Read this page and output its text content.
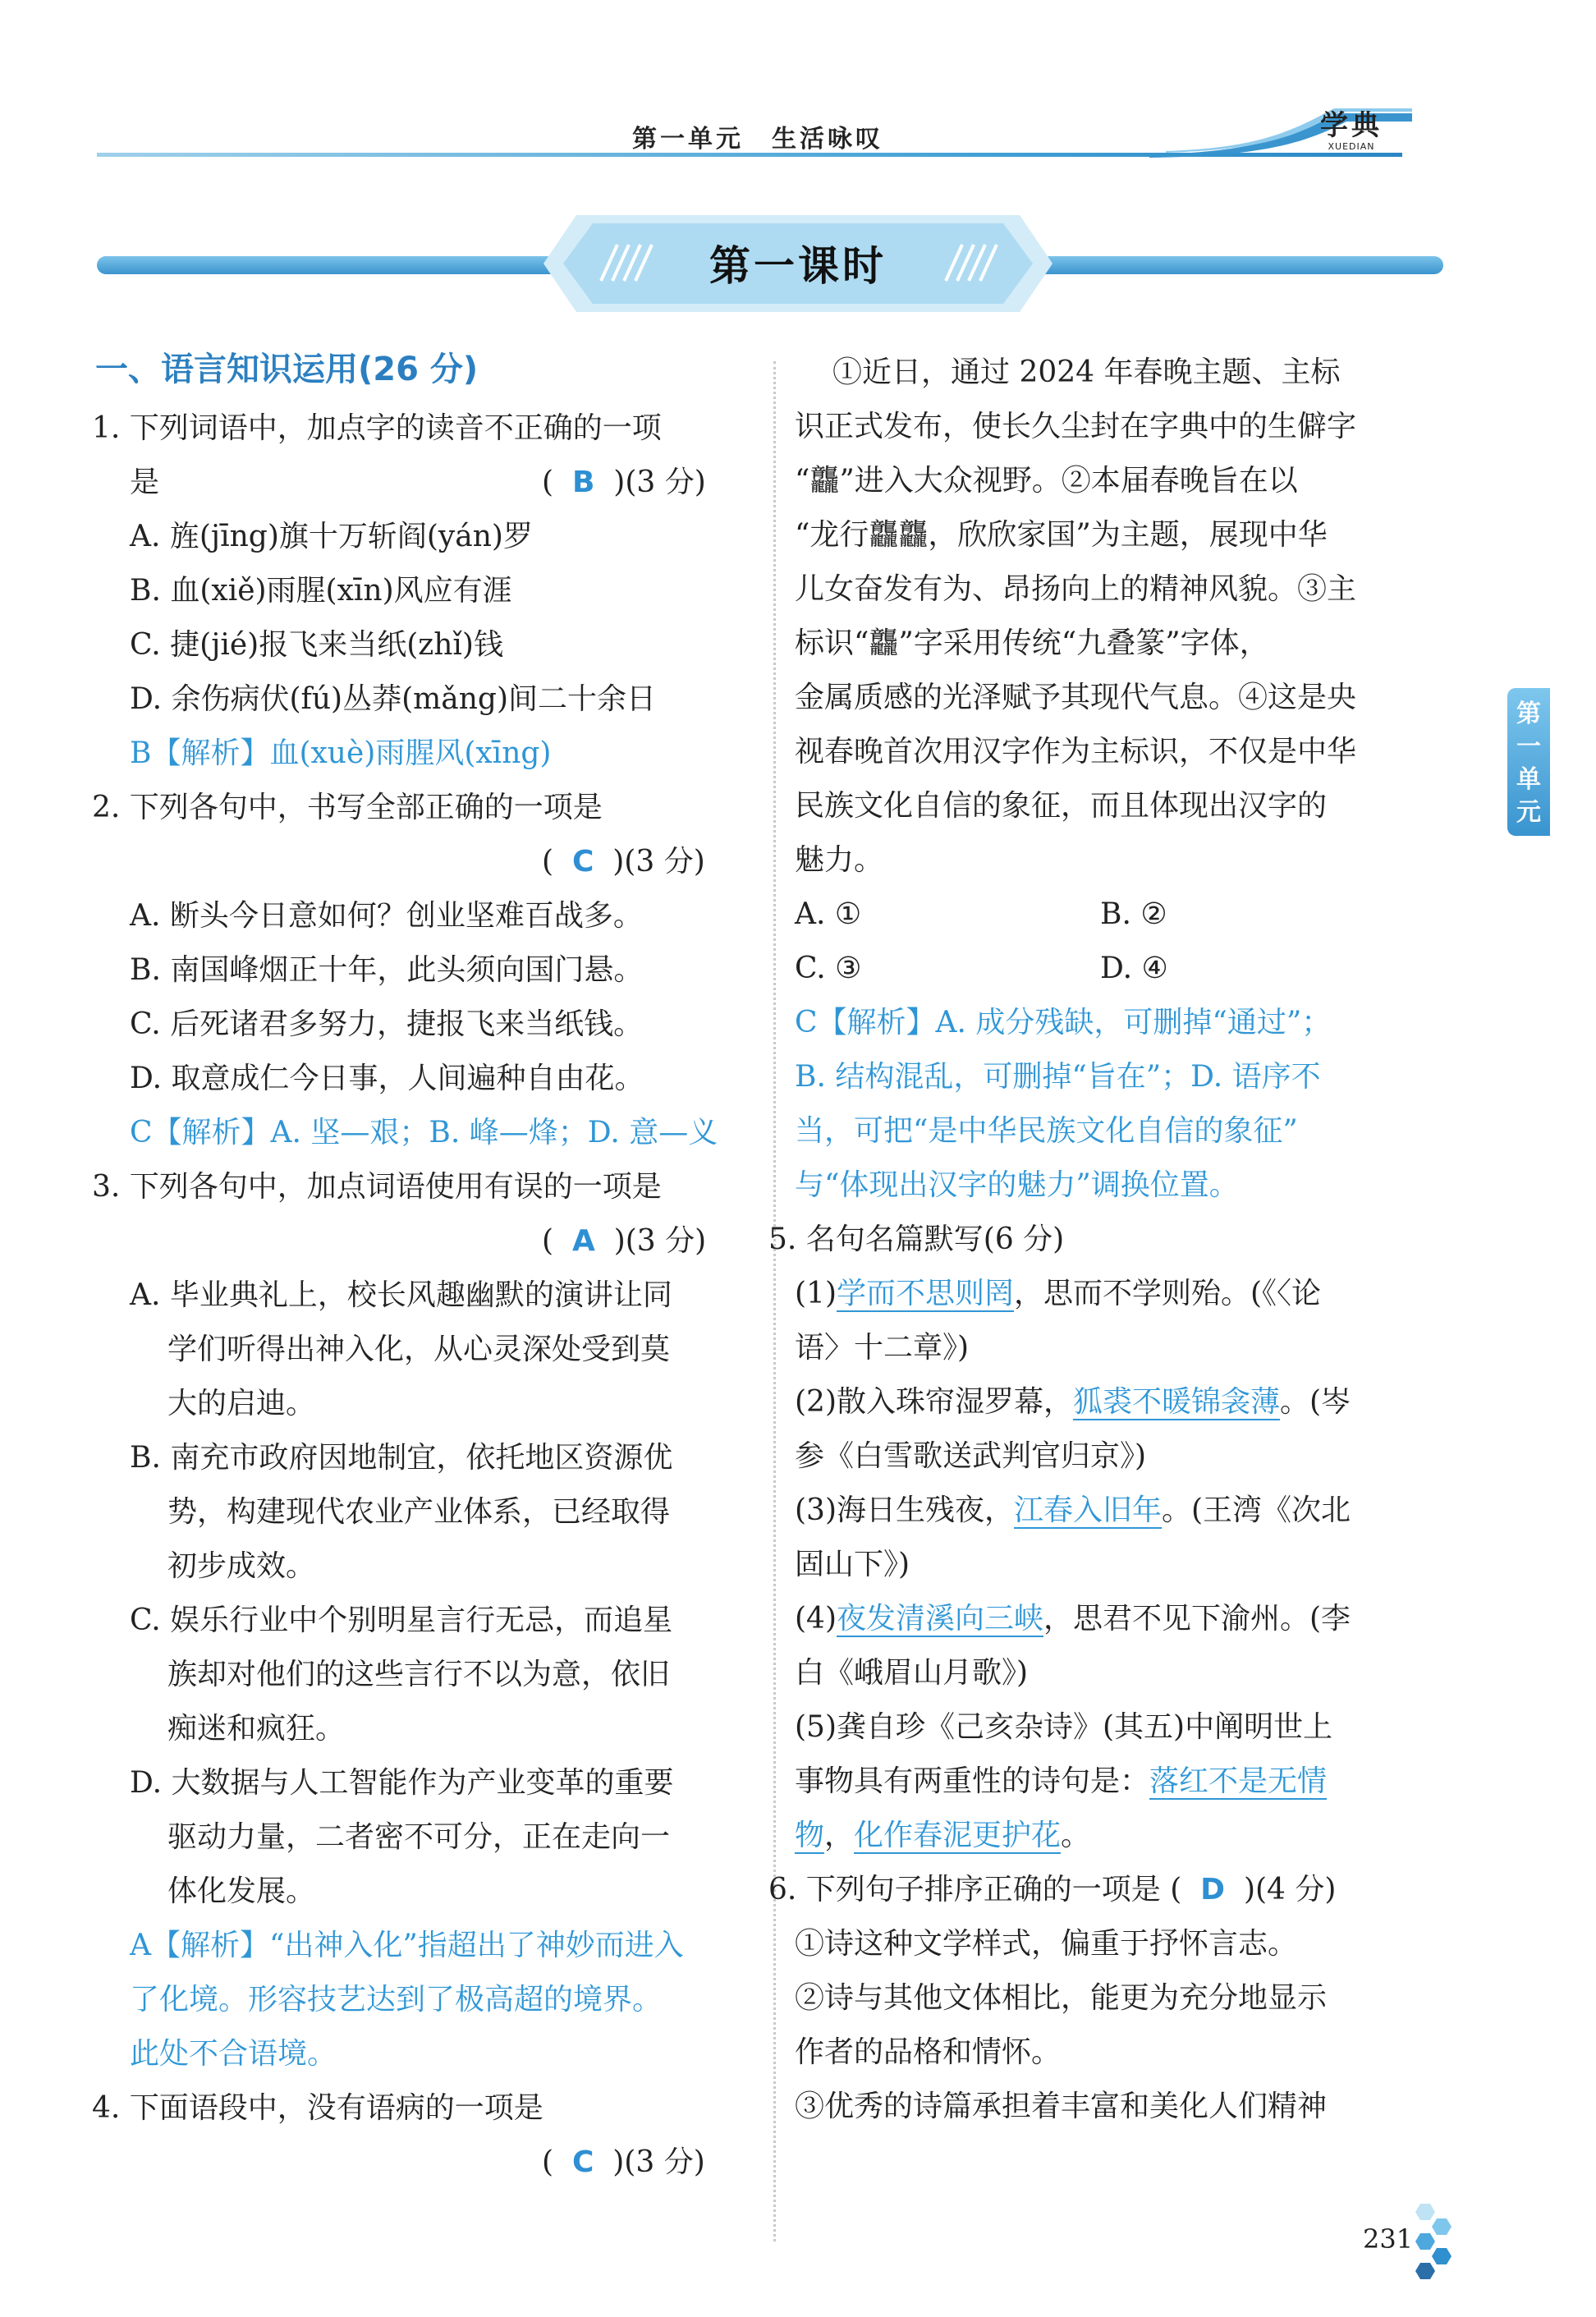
第一单元　生活咏叹	学典
XUEDIAN
第一课时
一、语言知识运用(26 分)
1. 下列词语中，加点字的读音不正确的一项
是	(  B  )(3 分)
A. 旌(jīng)旗十万斩阎(yán)罗
B. 血(xiě)雨腥(xīn)风应有涯
C. 捷(jié)报飞来当纸(zhǐ)钱
D. 余伤病伏(fú)丛莽(mǎng)间二十余日
B【解析】血(xuè)雨腥风(xīng)
2. 下列各句中，书写全部正确的一项是
(  C  )(3 分)
A. 断头今日意如何？创业坚难百战多。
B. 南国峰烟正十年，此头须向国门悬。
C. 后死诸君多努力，捷报飞来当纸钱。
D. 取意成仁今日事，人间遍种自由花。
C【解析】A. 坚—艰；B. 峰—烽；D. 意—义
3. 下列各句中，加点词语使用有误的一项是
(  A  )(3 分)
A. 毕业典礼上，校长风趣幽默的演讲让同
学们听得出神入化，从心灵深处受到莫
大的启迪。
B. 南充市政府因地制宜，依托地区资源优
势，构建现代农业产业体系，已经取得
初步成效。
C. 娱乐行业中个别明星言行无忌，而追星
族却对他们的这些言行不以为意，依旧
痴迷和疯狂。
D. 大数据与人工智能作为产业变革的重要
驱动力量，二者密不可分，正在走向一
体化发展。
A【解析】“出神入化”指超出了神妙而进入
了化境。形容技艺达到了极高超的境界。
此处不合语境。
4. 下面语段中，没有语病的一项是
(  C  )(3 分)
①近日，通过 2024 年春晚主题、主标
识正式发布，使长久尘封在字典中的生僻字
“龘”进入大众视野。②本届春晚旨在以
“龙行龘龘，欣欣家国”为主题，展现中华
儿女奋发有为、昂扬向上的精神风貌。③主
标识“龘”字采用传统“九叠篆”字体，
金属质感的光泽赋予其现代气息。④这是央
视春晚首次用汉字作为主标识，不仅是中华
民族文化自信的象征，而且体现出汉字的
魅力。
A. ①	B. ②
C. ③	D. ④
C【解析】A. 成分残缺，可删掉“通过”；
B. 结构混乱，可删掉“旨在”；D. 语序不
当，可把“是中华民族文化自信的象征”
与“体现出汉字的魅力”调换位置。
5. 名句名篇默写(6 分)
(1)学而不思则罔，思而不学则殆。(《〈论
语〉十二章》)
(2)散入珠帘湿罗幕，狐裘不暖锦衾薄。(岑
参《白雪歌送武判官归京》)
(3)海日生残夜，江春入旧年。(王湾《次北
固山下》)
(4)夜发清溪向三峡，思君不见下渝州。(李
白《峨眉山月歌》)
(5)龚自珍《己亥杂诗》(其五)中阐明世上
事物具有两重性的诗句是：落红不是无情
物，化作春泥更护花。
6. 下列句子排序正确的一项是 (  D  )(4 分)
①诗这种文学样式，偏重于抒怀言志。
②诗与其他文体相比，能更为充分地显示
作者的品格和情怀。
③优秀的诗篇承担着丰富和美化人们精神
第一单元
231
